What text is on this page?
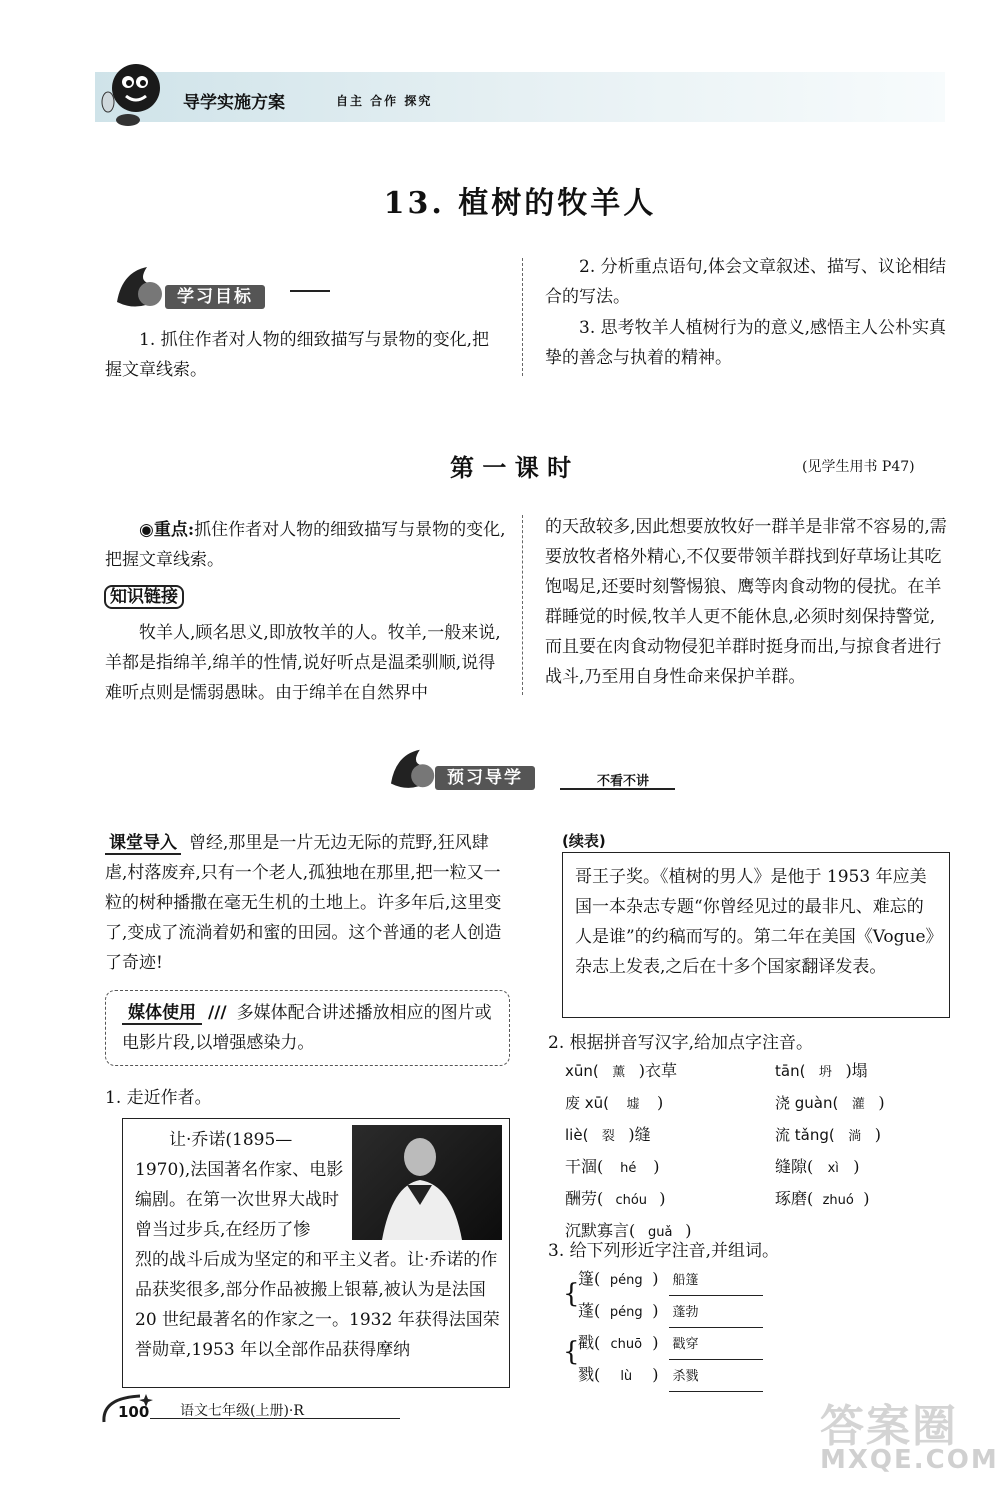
导学实施方案	自主 合作 探究
13. 植树的牧羊人
学习目标
1. 抓住作者对人物的细致描写与景物的变化,把握文章线索。
2. 分析重点语句,体会文章叙述、描写、议论相结合的写法。
3. 思考牧羊人植树行为的意义,感悟主人公朴实真挚的善念与执着的精神。
第 一 课 时	(见学生用书 P47)
◉重点:抓住作者对人物的细致描写与景物的变化,把握文章线索。
知识链接
牧羊人,顾名思义,即放牧羊的人。牧羊,一般来说,羊都是指绵羊,绵羊的性情,说好听点是温柔驯顺,说得难听点则是懦弱愚昧。由于绵羊在自然界中
的天敌较多,因此想要放牧好一群羊是非常不容易的,需要放牧者格外精心,不仅要带领羊群找到好草场让其吃饱喝足,还要时刻警惕狼、鹰等肉食动物的侵扰。在羊群睡觉的时候,牧羊人更不能休息,必须时刻保持警觉,而且要在肉食动物侵犯羊群时挺身而出,与掠食者进行战斗,乃至用自身性命来保护羊群。
预习导学	不看不讲
课堂导入 曾经,那里是一片无边无际的荒野,狂风肆虐,村落废弃,只有一个老人,孤独地在那里,把一粒又一粒的树种播撒在毫无生机的土地上。许多年后,这里变了,变成了流淌着奶和蜜的田园。这个普通的老人创造了奇迹!
媒体使用 /// 多媒体配合讲述播放相应的图片或电影片段,以增强感染力。
1. 走近作者。
让·乔诺(1895—1970),法国著名作家、电影编剧。在第一次世界大战时曾当过步兵,在经历了惨
烈的战斗后成为坚定的和平主义者。让·乔诺的作品获奖很多,部分作品被搬上银幕,被认为是法国 20 世纪最著名的作家之一。1932 年获得法国荣誉勋章,1953 年以全部作品获得摩纳
(续表)
哥王子奖。《植树的男人》是他于 1953 年应美国一本杂志专题“你曾经见过的最非凡、难忘的人是谁”的约稿而写的。第二年在美国《Vogue》杂志上发表,之后在十多个国家翻译发表。
2. 根据拼音写汉字,给加点字注音。
xūn( 薰 )衣草	tān( 坍 )塌
废 xū( 墟 )	浇 guàn( 灌 )
liè( 裂 )缝	流 tǎng( 淌 )
干涸( hé )	缝隙( xì )
酬劳( chóu )	琢磨( zhuó )
沉默寡言( guǎ )
3. 给下列形近字注音,并组词。
{
{
篷( péng ) 船篷
蓬( péng ) 蓬勃
戳( chuō ) 戳穿
戮( lù ) 杀戮
100 语文七年级(上册)·R	答案圈
MXQE.COM
